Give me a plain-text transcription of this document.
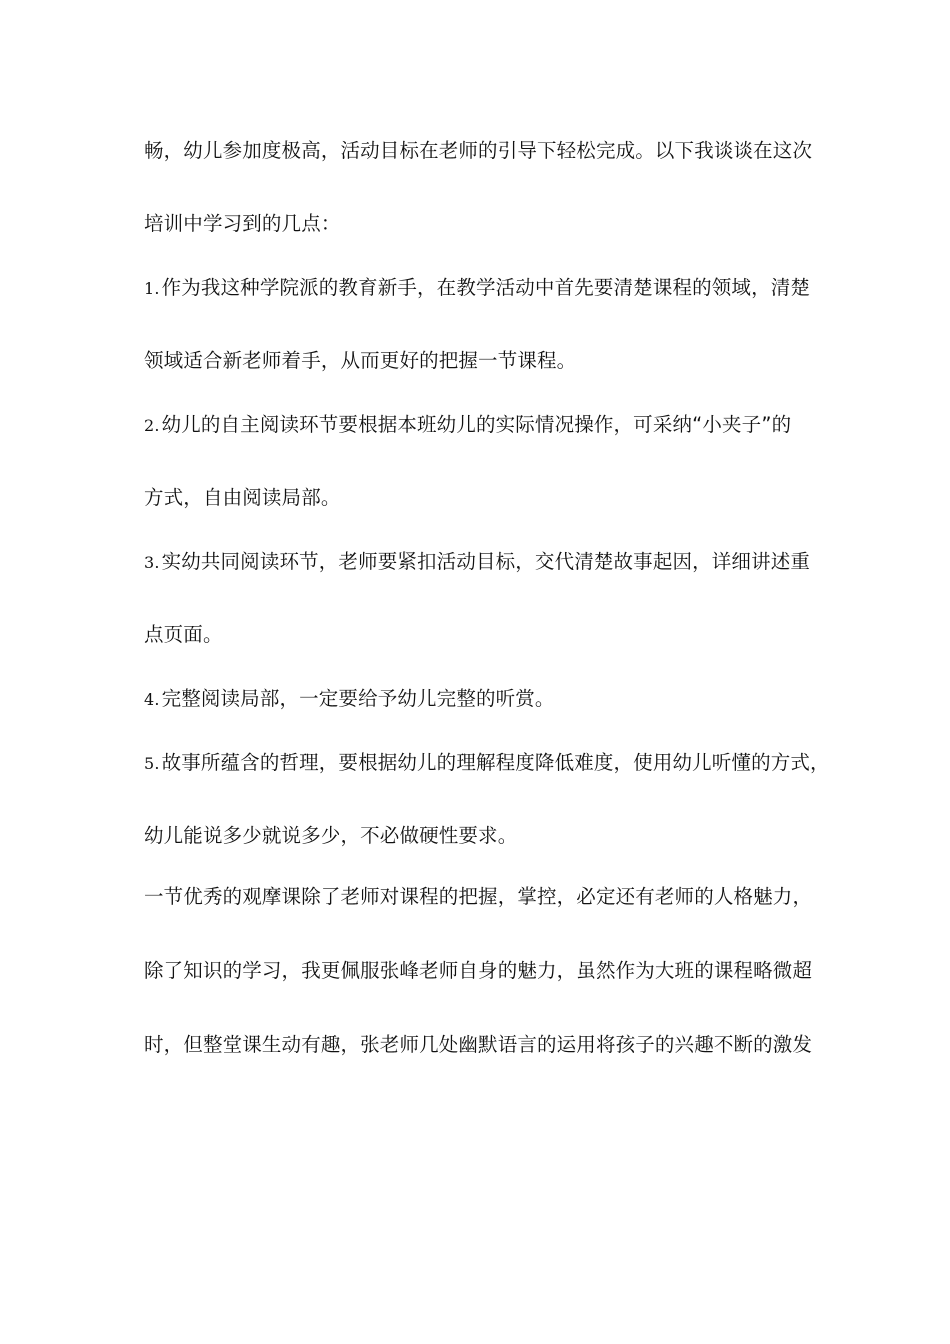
畅，幼儿参加度极高，活动目标在老师的引导下轻松完成。以下我谈谈在这次
培训中学习到的几点：
1. 作为我这种学院派的教育新手，在教学活动中首先要清楚课程的领域，清楚
领域适合新老师着手，从而更好的把握一节课程。
2. 幼儿的自主阅读环节要根据本班幼儿的实际情况操作，可采纳“小夹子”的
方式，自由阅读局部。
3. 实幼共同阅读环节，老师要紧扣活动目标，交代清楚故事起因，详细讲述重
点页面。
4. 完整阅读局部，一定要给予幼儿完整的听赏。
5. 故事所蕴含的哲理，要根据幼儿的理解程度降低难度，使用幼儿听懂的方式，
幼儿能说多少就说多少，不必做硬性要求。
一节优秀的观摩课除了老师对课程的把握，掌控，必定还有老师的人格魅力，
除了知识的学习，我更佩服张峰老师自身的魅力，虽然作为大班的课程略微超
时，但整堂课生动有趣，张老师几处幽默语言的运用将孩子的兴趣不断的激发
